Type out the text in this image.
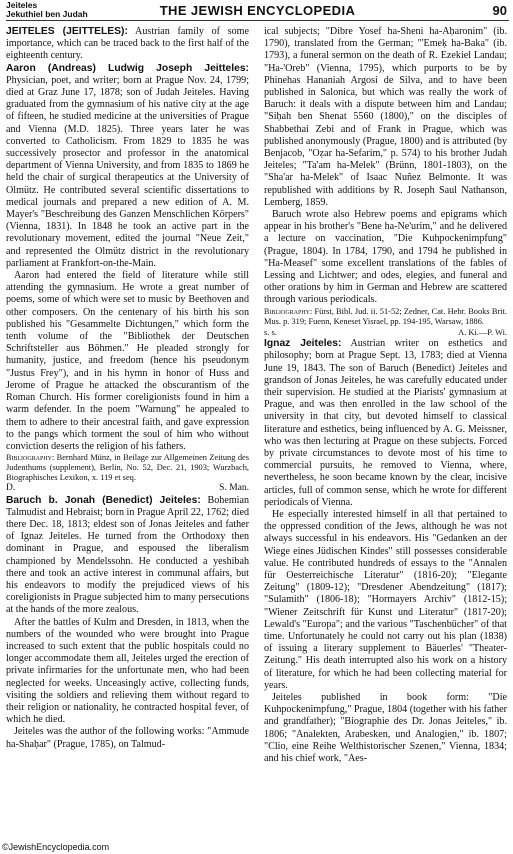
Jeiteles
Jekuthiel ben Judah	THE JEWISH ENCYCLOPEDIA	90

JEITELES (JEITTELES): Austrian family of some importance, which can be traced back to the first half of the eighteenth century.

Aaron (Andreas) Ludwig Joseph Jeitteles: Physician, poet, and writer; born at Prague Nov. 24, 1799; died at Graz June 17, 1878; son of Judah Jeiteles. Having graduated from the gymnasium of his native city at the age of fifteen, he studied medicine at the universities of Prague and Vienna (M.D. 1825). Three years later he was converted to Catholicism. From 1829 to 1835 he was successively prosector and professor in the anatomical department of Vienna University, and from 1835 to 1869 he held the chair of surgical therapeutics at the University of Olmütz. He contributed several scientific dissertations to medical journals and prepared a new edition of A. M. Mayer's "Beschreibung des Ganzen Menschlichen Körpers" (Vienna, 1831). In 1848 he took an active part in the revolutionary movement, edited the journal "Neue Zeit," and represented the Olmütz district in the revolutionary parliament at Frankfort-on-the-Main.

Aaron had entered the field of literature while still attending the gymnasium. He wrote a great number of poems, some of which were set to music by Beethoven and other composers. On the centenary of his birth his son published his "Gesammelte Dichtungen," which form the tenth volume of the "Bibliothek der Deutschen Schriftsteller aus Böhmen." He pleaded strongly for humanity, justice, and freedom (hence his pseudonym "Justus Frey"), and in his hymn in honor of Huss and Jerome of Prague he attacked the obscurantism of the Roman Church. His former coreligionists found in him a warm defender. In the poem "Warnung" he appealed to them to adhere to their ancestral faith, and gave expression to the pangs which torment the soul of him who without conviction deserts the religion of his fathers.

Bibliography: Bernhard Münz, in Beilage zur Allgemeinen Zeitung des Judenthums (supplement), Berlin, No. 52, Dec. 21, 1903; Wurzbach, Biographisches Lexikon, x. 119 et seq.

D.	S. Man.

Baruch b. Jonah (Benedict) Jeiteles: Bohemian Talmudist and Hebraist; born in Prague April 22, 1762; died there Dec. 18, 1813; eldest son of Jonas Jeiteles and father of Ignaz Jeiteles. He turned from the Orthodoxy then dominant in Prague, and espoused the liberalism championed by Mendelssohn. He conducted a yeshibah there and took an active interest in communal affairs, but his endeavors to modify the prejudiced views of his coreligionists in Prague subjected him to many persecutions at the hands of the more zealous.

After the battles of Kulm and Dresden, in 1813, when the numbers of the wounded who were brought into Prague increased to such extent that the public hospitals could no longer accommodate them all, Jeiteles urged the erection of private infirmaries for the unfortunate men, who had been neglected for weeks. Unceasingly active, collecting funds, visiting the soldiers and relieving them without regard to their religion or nationality, he contracted hospital fever, of which he died.

Jeiteles was the author of the following works: "Ammude ha-Shaḥar" (Prague, 1785), on Talmud-

ical subjects; "Dibre Yosef ha-Sheni ha-Aḥaronim" (ib. 1790), translated from the German; "'Emeḳ ha-Baka" (ib. 1793), a funeral sermon on the death of R. Ezekiel Landau; "Ha-'Oreb" (Vienna, 1795), which purports to be by Phinehas Hananiah Argosi de Silva, and to have been published in Salonica, but which was really the work of Baruch: it deals with a dispute between him and Landau; "Siḥah ben Shenat 5560 (1800)," on the disciples of Shabbethai Zebi and of Frank in Prague, which was published anonymously (Prague, 1800) and is attributed (by Benjacob, "Oẓar ha-Sefarim," p. 574) to his brother Judah Jeiteles; "Ta'am ha-Melek" (Brünn, 1801-1803), on the "Sha'ar ha-Melek" of Isaac Nuñez Belmonte. It was republished with additions by R. Joseph Saul Nathanson, Lemberg, 1859.

Baruch wrote also Hebrew poems and epigrams which appear in his brother's "Bene ha-Ne'urim," and he delivered a lecture on vaccination, "Die Kuhpockenimpfung" (Prague, 1804). In 1784, 1790, and 1794 he published in "Ha-Measef" some excellent translations of the fables of Lessing and Lichtwer; and odes, elegies, and funeral and other orations by him in German and Hebrew are scattered through various periodicals.

Bibliography: Fürst, Bibl. Jud. ii. 51-52; Zedner, Cat. Hebr. Books Brit. Mus. p. 319; Fuenn, Keneset Yisrael, pp. 194-195, Warsaw, 1886.

s. s.	A. Ki.—P. Wi.

Ignaz Jeiteles: Austrian writer on esthetics and philosophy; born at Prague Sept. 13, 1783; died at Vienna June 19, 1843. The son of Baruch (Benedict) Jeiteles and grandson of Jonas Jeiteles, he was carefully educated under their supervision. He studied at the Piarists' gymnasium at Prague, and was then enrolled in the law school of the university in that city, but devoted himself to classical literature and esthetics, being influenced by A. G. Meissner, who was then lecturing at Prague on these subjects. Forced by private circumstances to devote most of his time to commercial pursuits, he removed to Vienna, where, nevertheless, he soon became known by the clear, incisive articles, full of common sense, which he wrote for different periodicals of Vienna.

He especially interested himself in all that pertained to the oppressed condition of the Jews, although he was not always successful in his endeavors. His "Gedanken an der Wiege eines Jüdischen Kindes" still possesses considerable value. He contributed hundreds of essays to the "Annalen für Oesterreichische Literatur" (1816-20); "Elegante Zeitung" (1809-12); "Dresdener Abendzeitung" (1817); "Sulamith" (1806-18); "Hormayers Archiv" (1812-15); "Wiener Zeitschrift für Kunst und Literatur" (1817-20); Lewald's "Europa"; and the various "Taschenbücher" of that time. Unfortunately he could not carry out his plan (1838) of issuing a literary supplement to Bäuerles' "Theater-Zeitung." His death interrupted also his work on a history of literature, for which he had been collecting material for years.

Jeiteles published in book form: "Die Kuhpockenimpfung," Prague, 1804 (together with his father and grandfather); "Biographie des Dr. Jonas Jeiteles," ib. 1806; "Analekten, Arabesken, und Analogien," ib. 1807; "Clio, eine Reihe Welthistorischer Szenen," Vienna, 1834; and his chief work, "Aes-

©JewishEncyclopedia.com
